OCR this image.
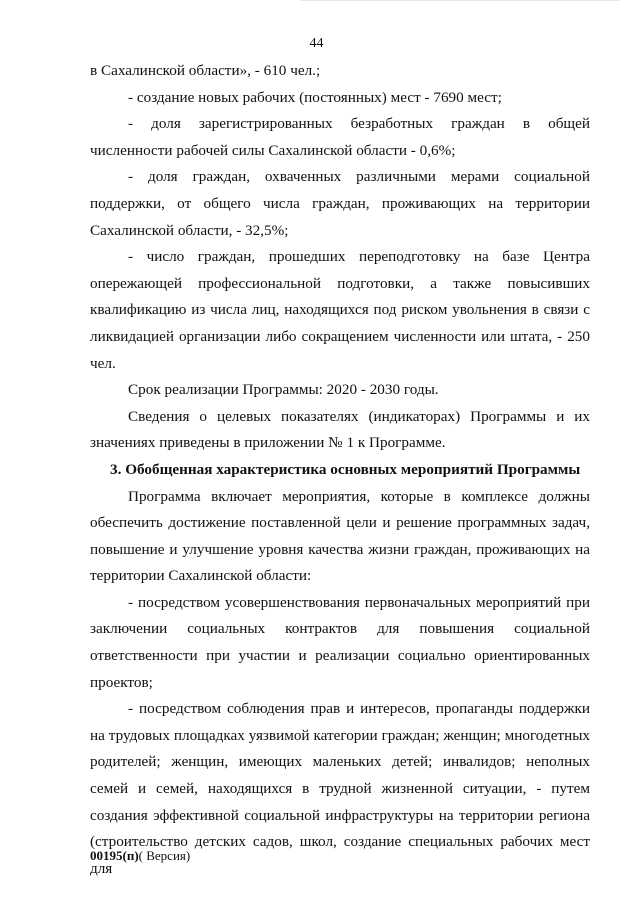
44

в Сахалинской области», - 610 чел.;

- создание новых рабочих (постоянных) мест - 7690 мест;

- доля зарегистрированных безработных граждан в общей численности рабочей силы Сахалинской области - 0,6%;

- доля граждан, охваченных различными мерами социальной поддержки, от общего числа граждан, проживающих на территории Сахалинской области, - 32,5%;

- число граждан, прошедших переподготовку на базе Центра опережающей профессиональной подготовки, а также повысивших квалификацию из числа лиц, находящихся под риском увольнения в связи с ликвидацией организации либо сокращением численности или штата, - 250 чел.

Срок реализации Программы: 2020 - 2030 годы.

Сведения о целевых показателях (индикаторах) Программы и их значениях приведены в приложении № 1 к Программе.

3. Обобщенная характеристика основных мероприятий Программы

Программа включает мероприятия, которые в комплексе должны обеспечить достижение поставленной цели и решение программных задач, повышение и улучшение уровня качества жизни граждан, проживающих на территории Сахалинской области:

- посредством усовершенствования первоначальных мероприятий при заключении социальных контрактов для повышения социальной ответственности при участии и реализации социально ориентированных проектов;

- посредством соблюдения прав и интересов, пропаганды поддержки на трудовых площадках уязвимой категории граждан; женщин; многодетных родителей; женщин, имеющих маленьких детей; инвалидов; неполных семей и семей, находящихся в трудной жизненной ситуации, - путем создания эффективной социальной инфраструктуры на территории региона (строительство детских садов, школ, создание специальных рабочих мест для

00195(п)( Версия)
